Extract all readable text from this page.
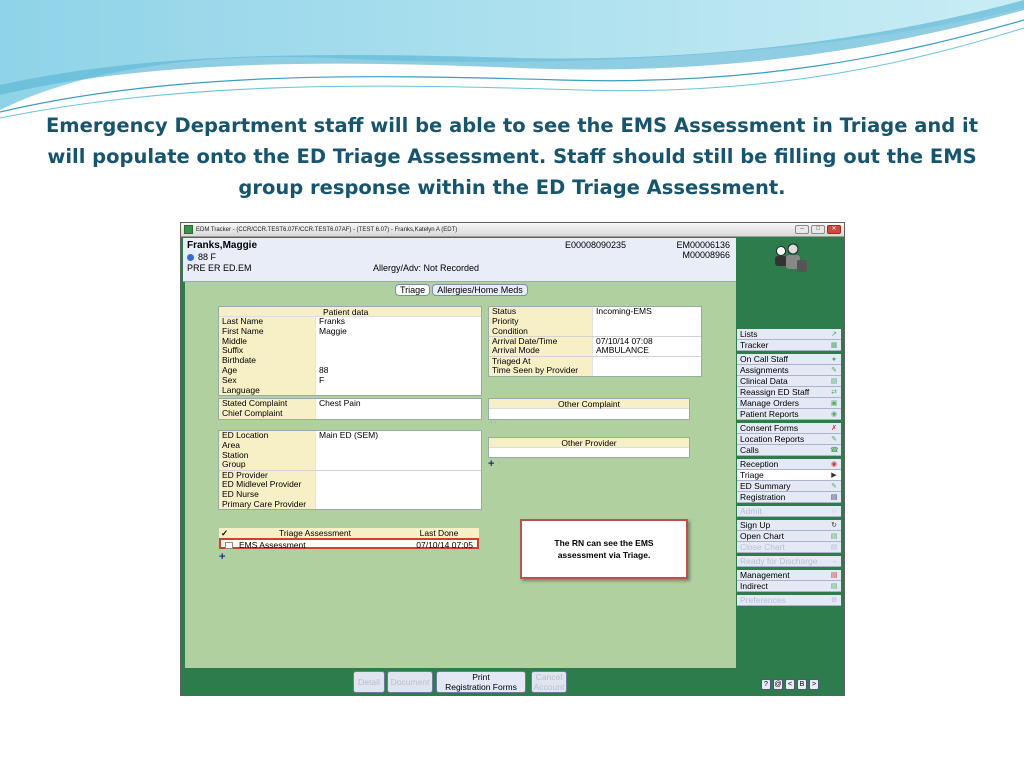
Emergency Department staff will be able to see the EMS Assessment in Triage and it will populate onto the ED Triage Assessment. Staff should still be filling out the EMS group response within the ED Triage Assessment.
EDM Tracker - (CCR/CCR.TEST6.07F/CCR.TEST6.07AF) - (TEST 6.07) - Franks,Katelyn A (EDT)	–	□	✕
Franks,Maggie
88 F
PRE ER ED.EM	Allergy/Adv: Not Recorded
E00008090235	EM00006136
M00008966
Triage	Allergies/Home Meds
Patient data
Last Name	Franks
First Name	Maggie
Middle
Suffix
Birthdate
Age	88
Sex	F
Language
Status	Incoming-EMS
Priority
Condition
Arrival Date/Time	07/10/14 07:08
Arrival Mode	AMBULANCE
Triaged At
Time Seen by Provider
Stated Complaint	Chest Pain
Chief Complaint
Other Complaint
• •
ED Location	Main ED (SEM)
Area
Station
Group
ED Provider
ED Midlevel Provider
ED Nurse
Primary Care Provider
Other Provider
+ •
✓	Triage Assessment	Last Done
EMS Assessment	07/10/14 07:05
+
The RN can see the EMS
assessment via Triage.
Detail	Document	Print
Registration Forms
Cancel
Account
Lists	↗
Tracker	▦
On Call Staff	●
Assignments	✎
Clinical Data	▤
Reassign ED Staff	⇄
Manage Orders	▣
Patient Reports	◉
Consent Forms	✗
Location Reports	✎
Calls	☎
Reception	◉
Triage	▶
ED Summary	✎
Registration	▤
Admit	○
Sign Up	↻
Open Chart	▤
Close Chart	▤
Ready for Discharge →
Management	▤
Indirect	▤
Preferences	⚙
? @ <	B	>
